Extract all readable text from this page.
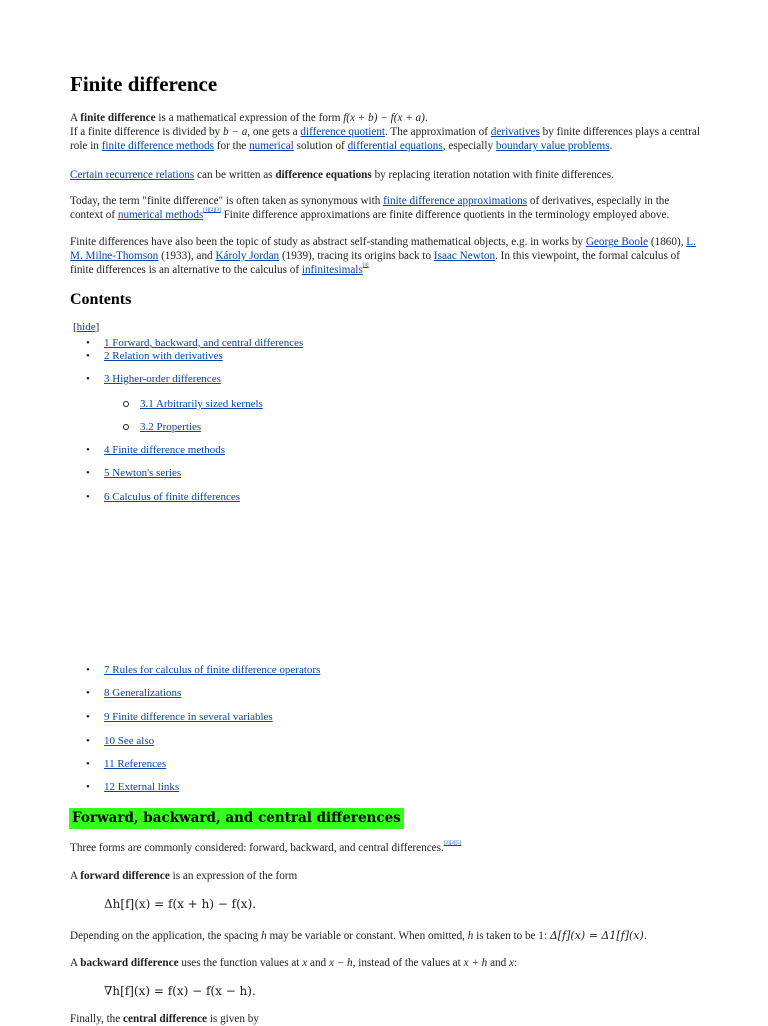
Finite difference
A finite difference is a mathematical expression of the form f(x + b) − f(x + a).
If a finite difference is divided by b − a, one gets a difference quotient. The approximation of derivatives by finite differences plays a central role in finite difference methods for the numerical solution of differential equations, especially boundary value problems.
Certain recurrence relations can be written as difference equations by replacing iteration notation with finite differences.
Today, the term "finite difference" is often taken as synonymous with finite difference approximations of derivatives, especially in the context of numerical methods[1][2][3] Finite difference approximations are finite difference quotients in the terminology employed above.
Finite differences have also been the topic of study as abstract self-standing mathematical objects, e.g. in works by George Boole (1860), L. M. Milne-Thomson (1933), and Károly Jordan (1939), tracing its origins back to Isaac Newton. In this viewpoint, the formal calculus of finite differences is an alternative to the calculus of infinitesimals[4]
Contents
[hide]
• 1 Forward, backward, and central differences
• 2 Relation with derivatives
• 3 Higher-order differences
3.1 Arbitrarily sized kernels
3.2 Properties
• 4 Finite difference methods
• 5 Newton's series
• 6 Calculus of finite differences
• 7 Rules for calculus of finite difference operators
• 8 Generalizations
• 9 Finite difference in several variables
• 10 See also
• 11 References
• 12 External links
Forward, backward, and central differences
Three forms are commonly considered: forward, backward, and central differences.[2][3][5]
A forward difference is an expression of the form
Δh[f](x) = f(x + h) − f(x).
Depending on the application, the spacing h may be variable or constant. When omitted, h is taken to be 1: Δ[f](x) = Δ1[f](x).
A backward difference uses the function values at x and x − h, instead of the values at x + h and x:
∇h[f](x) = f(x) − f(x − h).
Finally, the central difference is given by
